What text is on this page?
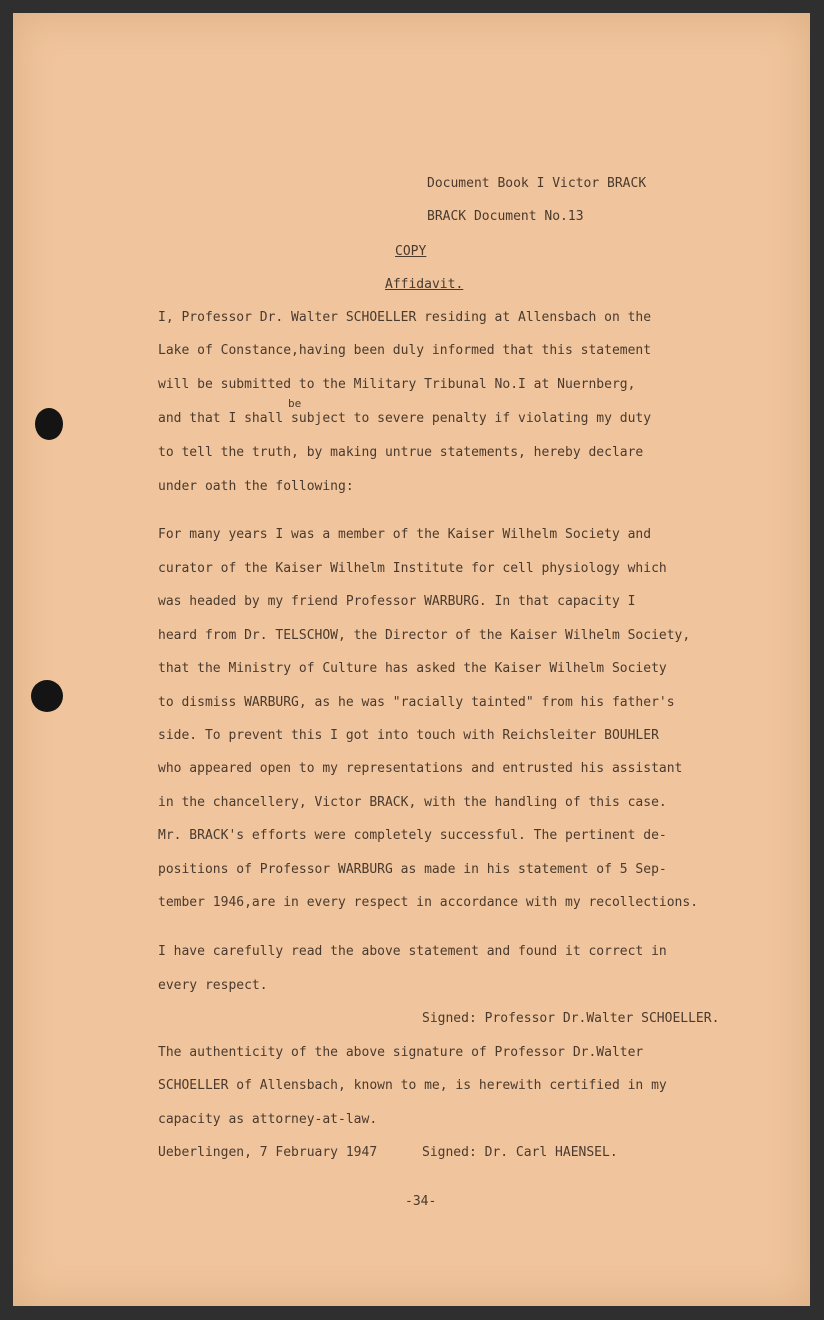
Document Book I Victor BRACK
BRACK Document No.13
COPY
Affidavit.
I, Professor Dr. Walter SCHOELLER residing at Allensbach on the
Lake of Constance,having been duly informed that this statement
will be submitted to the Military Tribunal No.I at Nuernberg,
be
and that I shall subject to severe penalty if violating my duty
to tell the truth, by making untrue statements, hereby declare
under oath the following:
For many years I was a member of the Kaiser Wilhelm Society and
curator of the Kaiser Wilhelm Institute for cell physiology which
was headed by my friend Professor WARBURG. In that capacity I
heard from Dr. TELSCHOW, the Director of the Kaiser Wilhelm Society,
that the Ministry of Culture has asked the Kaiser Wilhelm Society
to dismiss WARBURG, as he was "racially tainted" from his father's
side. To prevent this I got into touch with Reichsleiter BOUHLER
who appeared open to my representations and entrusted his assistant
in the chancellery, Victor BRACK, with the handling of this case.
Mr. BRACK's efforts were completely successful. The pertinent de-
positions of Professor WARBURG as made in his statement of 5 Sep-
tember 1946,are in every respect in accordance with my recollections.
I have carefully read the above statement and found it correct in
every respect.
Signed: Professor Dr.Walter SCHOELLER.
The authenticity of the above signature of Professor Dr.Walter
SCHOELLER of Allensbach, known to me, is herewith certified in my
capacity as attorney-at-law.
Ueberlingen, 7 February 1947	Signed: Dr. Carl HAENSEL.
-34-
